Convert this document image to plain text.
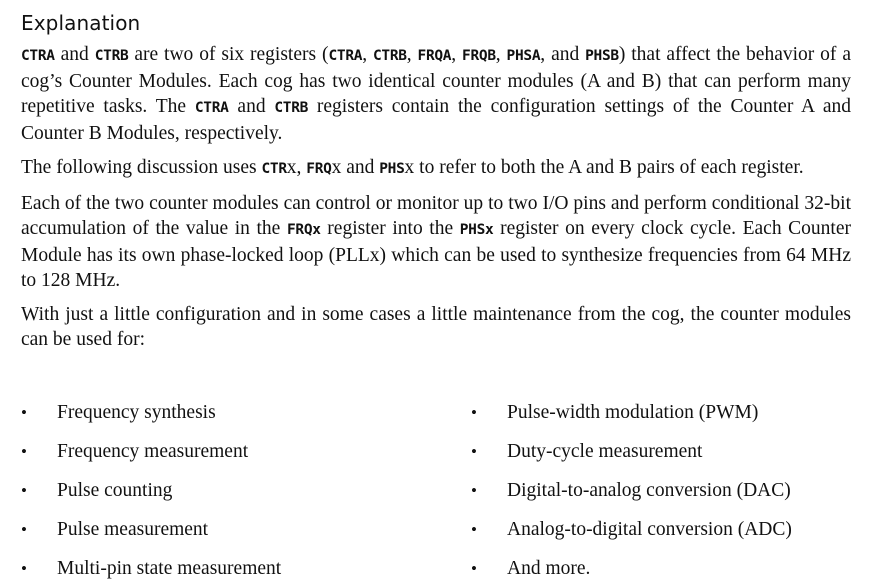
Explanation

CTRA and CTRB are two of six registers (CTRA, CTRB, FRQA, FRQB, PHSA, and PHSB) that affect the behavior of a cog’s Counter Modules. Each cog has two identical counter modules (A and B) that can perform many repetitive tasks. The CTRA and CTRB registers contain the configuration settings of the Counter A and Counter B Modules, respectively.

The following discussion uses CTRx, FRQx and PHSx to refer to both the A and B pairs of each register.

Each of the two counter modules can control or monitor up to two I/O pins and perform conditional 32-bit accumulation of the value in the FRQx register into the PHSx register on every clock cycle. Each Counter Module has its own phase-locked loop (PLLx) which can be used to synthesize frequencies from 64 MHz to 128 MHz.

With just a little configuration and in some cases a little maintenance from the cog, the counter modules can be used for:

•	Frequency synthesis	•	Pulse-width modulation (PWM)
•	Frequency measurement	•	Duty-cycle measurement
•	Pulse counting	•	Digital-to-analog conversion (DAC)
•	Pulse measurement	•	Analog-to-digital conversion (ADC)
•	Multi-pin state measurement	•	And more.
